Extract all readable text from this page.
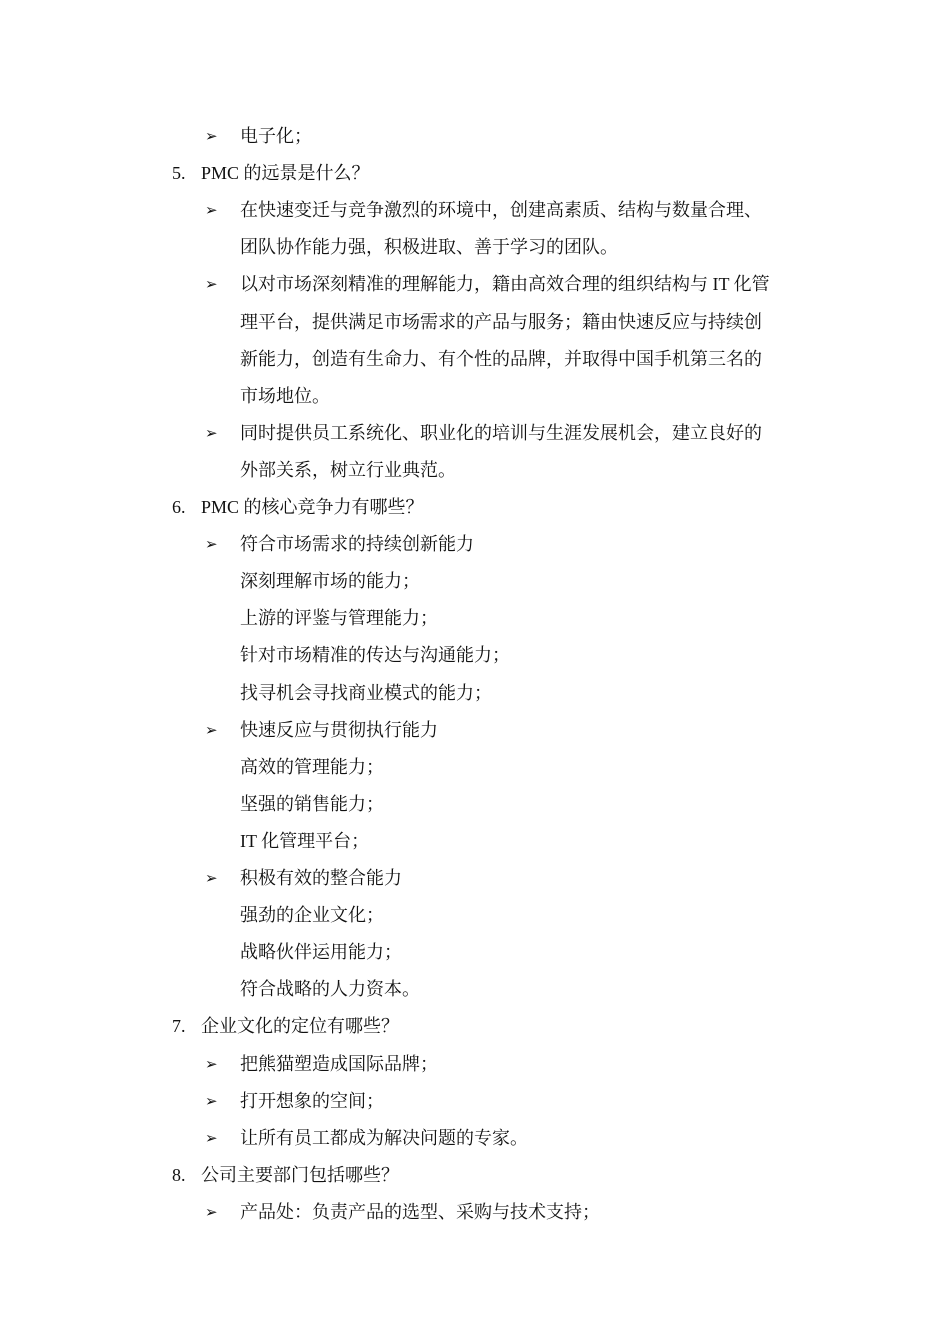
➢ 电子化；
5. PMC 的远景是什么？
➢ 在快速变迁与竞争激烈的环境中，创建高素质、结构与数量合理、
团队协作能力强，积极进取、善于学习的团队。
➢ 以对市场深刻精准的理解能力，籍由高效合理的组织结构与 IT 化管
理平台，提供满足市场需求的产品与服务；籍由快速反应与持续创
新能力，创造有生命力、有个性的品牌，并取得中国手机第三名的
市场地位。
➢ 同时提供员工系统化、职业化的培训与生涯发展机会，建立良好的
外部关系，树立行业典范。
6. PMC 的核心竞争力有哪些？
➢ 符合市场需求的持续创新能力
深刻理解市场的能力；
上游的评鉴与管理能力；
针对市场精准的传达与沟通能力；
找寻机会寻找商业模式的能力；
➢ 快速反应与贯彻执行能力
高效的管理能力；
坚强的销售能力；
IT 化管理平台；
➢ 积极有效的整合能力
强劲的企业文化；
战略伙伴运用能力；
符合战略的人力资本。
7. 企业文化的定位有哪些？
➢ 把熊猫塑造成国际品牌；
➢ 打开想象的空间；
➢ 让所有员工都成为解决问题的专家。
8. 公司主要部门包括哪些？
➢ 产品处：负责产品的选型、采购与技术支持；
